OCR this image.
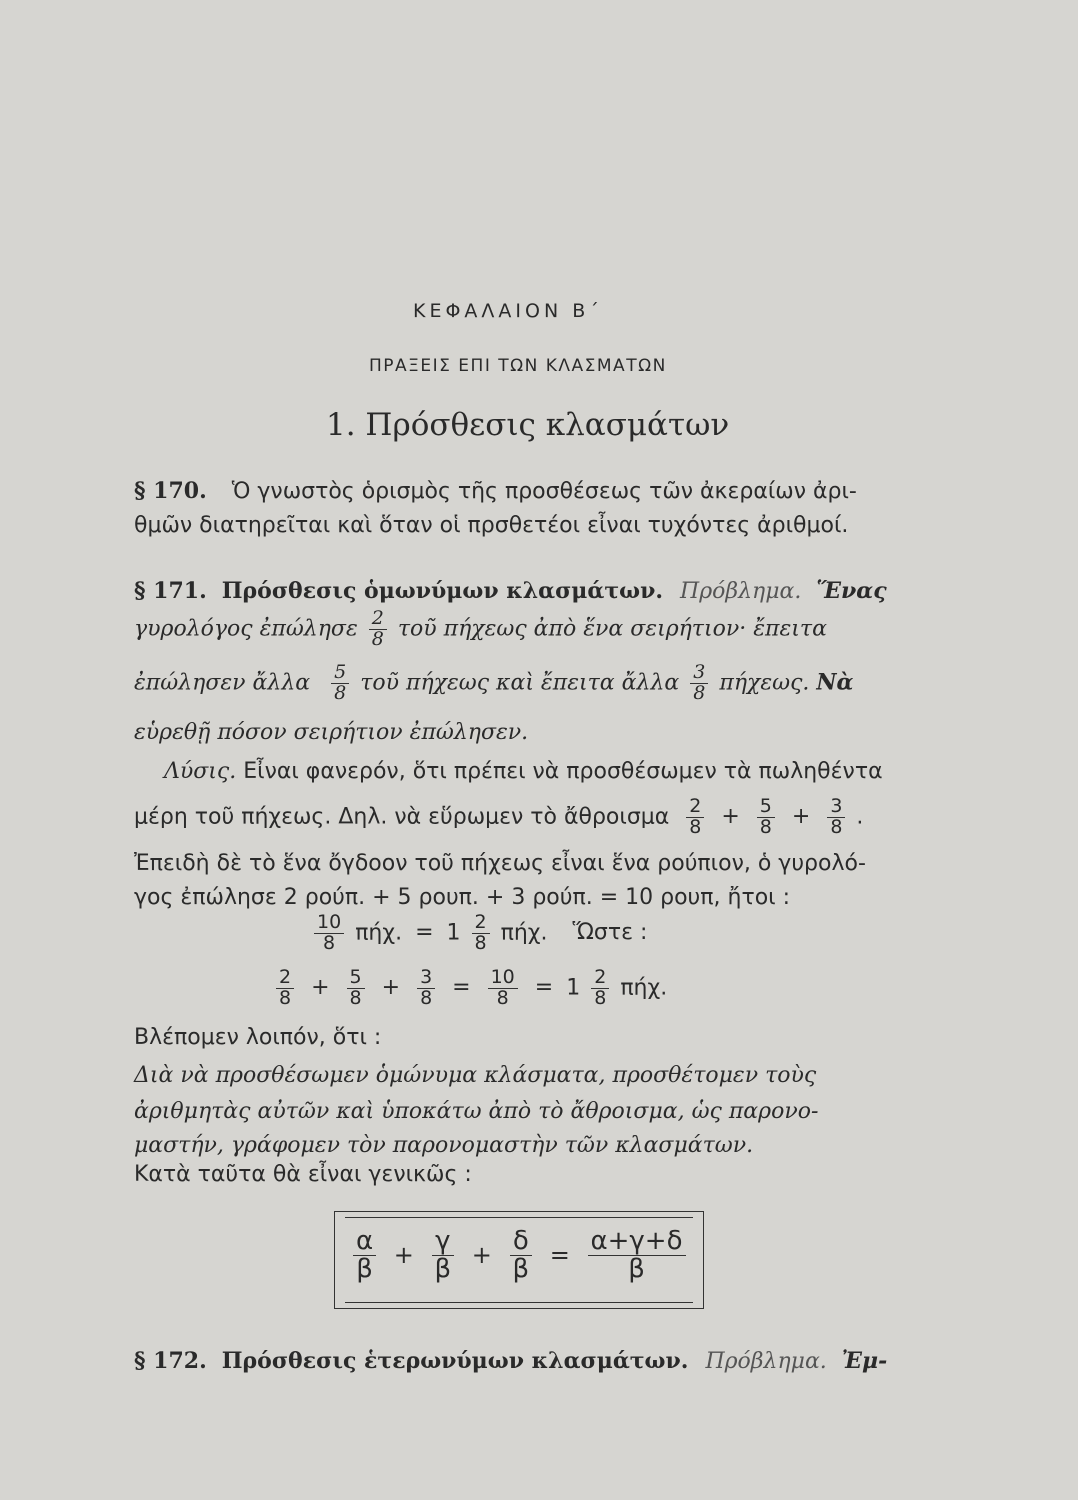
ΚΕΦΑΛΑΙΟΝ Β΄
ΠΡΑΞΕΙΣ ΕΠΙ ΤΩΝ ΚΛΑΣΜΑΤΩΝ
1. Πρόσθεσις κλασμάτων
§ 170. Ὁ γνωστὸς ὁρισμὸς τῆς προσθέσεως τῶν ἀκεραίων ἀρι-
θμῶν διατηρεῖται καὶ ὅταν οἱ πρσθετέοι εἶναι τυχόντες ἀριθμοί.
§ 171. Πρόσθεσις ὁμωνύμων κλασμάτων. Πρόβλημα. Ἕνας
γυρολόγος ἐπώλησε $\frac{2}{8}$ τοῦ πήχεως ἀπὸ ἕνα σειρήτιον· ἔπειτα
ἐπώλησεν ἄλλα $\frac{5}{8}$ τοῦ πήχεως καὶ ἔπειτα ἄλλα $\frac{3}{8} \pi ή\chi\varepsilon\omega\varsigma$. Νὰ
εὑρεθῇ πόσον σειρήτιον ἐπώλησεν.
Λύσις. Εἶναι φανερόν, ὅτι πρέπει νὰ προσθέσωμεν τὰ πωληθέντα
μέρη τοῦ πήχεως. Δηλ. νὰ εὕρωμεν τὸ ἄθροισμα $\frac{2}{8} + \frac{5}{8} + \frac{3}{8}$ .
Ἐπειδὴ δὲ τὸ ἕνα ὄγδοον τοῦ πήχεως εἶναι ἕνα ρούπιον, ὁ γυρολό-
γος ἐπώλησε 2 ρούπ. + 5 ρουπ. + 3 ρούπ. = 10 ρουπ, ἤτοι :
$\frac{10}{8} \pi ή\chi$. = $1 \frac{2}{8} \pi ή\chi$. Ὥστε :
$\frac{2}{8} + \frac{5}{8} + \frac{3}{8} = \frac{10}{8} = 1 \frac{2}{8} \pi ή\chi$.
Βλέπομεν λοιπόν, ὅτι :
Διὰ νὰ προσθέσωμεν ὁμώνυμα κλάσματα, προσθέτομεν τοὺς
ἀριθμητὰς αὐτῶν καὶ ὑποκάτω ἀπὸ τὸ ἄθροισμα, ὡς παρονο-
μαστήν, γράφομεν τὸν παρονομαστὴν τῶν κλασμάτων.
Κατὰ ταῦτα θὰ εἶναι γενικῶς :
$\frac{\alpha}{\beta} + \frac{\gamma}{\beta} + \frac{\delta}{\beta} = \frac{\alpha+\gamma+\delta}{\beta}$
§ 172. Πρόσθεσις ἑτερωνύμων κλασμάτων. Πρόβλημα. Ἐμ-
